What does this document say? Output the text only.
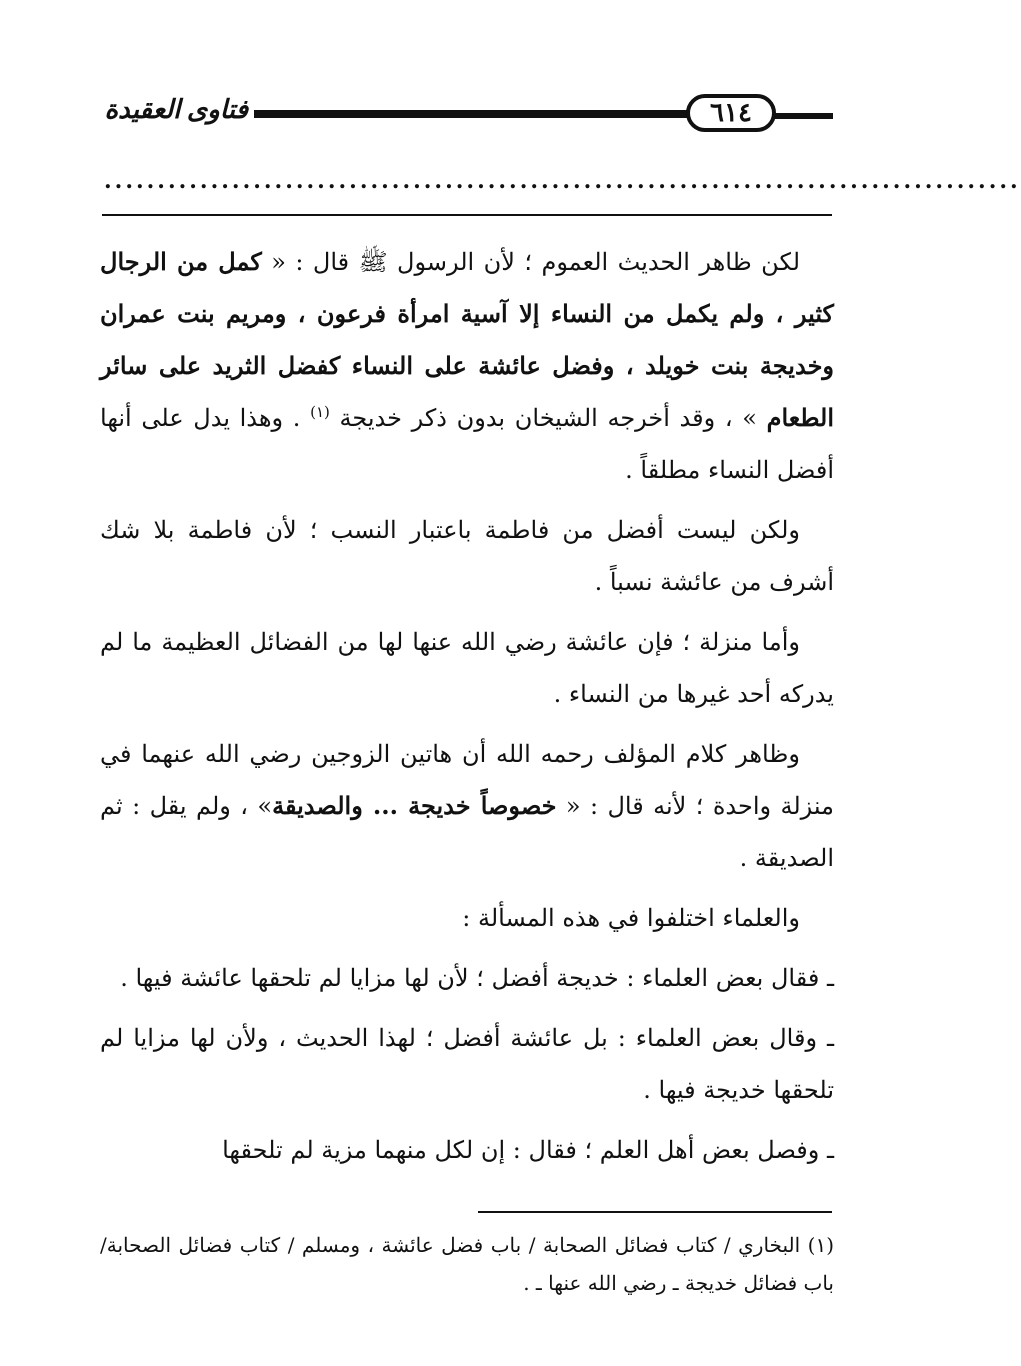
٦١٤
فتاوى العقيدة
......................................................................................

لكن ظاهر الحديث العموم ؛ لأن الرسول ﷺ قال : « كمل من الرجال كثير ، ولم يكمل من النساء إلا آسية امرأة فرعون ، ومريم بنت عمران وخديجة بنت خويلد ، وفضل عائشة على النساء كفضل الثريد على سائر الطعام » ، وقد أخرجه الشيخان بدون ذكر خديجة $^{(١)}$ . وهذا يدل على أنها أفضل النساء مطلقاً .

ولكن ليست أفضل من فاطمة باعتبار النسب ؛ لأن فاطمة بلا شك أشرف من عائشة نسباً .

وأما منزلة ؛ فإن عائشة رضي الله عنها لها من الفضائل العظيمة ما لم يدركه أحد غيرها من النساء .

وظاهر كلام المؤلف رحمه الله أن هاتين الزوجين رضي الله عنهما في منزلة واحدة ؛ لأنه قال : « خصوصاً خديجة ... والصديقة» ، ولم يقل : ثم الصديقة .

والعلماء اختلفوا في هذه المسألة :

ـ فقال بعض العلماء : خديجة أفضل ؛ لأن لها مزايا لم تلحقها عائشة فيها .

ـ وقال بعض العلماء : بل عائشة أفضل ؛ لهذا الحديث ، ولأن لها مزايا لم تلحقها خديجة فيها .

ـ وفصل بعض أهل العلم ؛ فقال : إن لكل منهما مزية لم تلحقها

(١) البخاري / كتاب فضائل الصحابة / باب فضل عائشة ، ومسلم / كتاب فضائل الصحابة/ باب فضائل خديجة ـ رضي الله عنها ـ .
